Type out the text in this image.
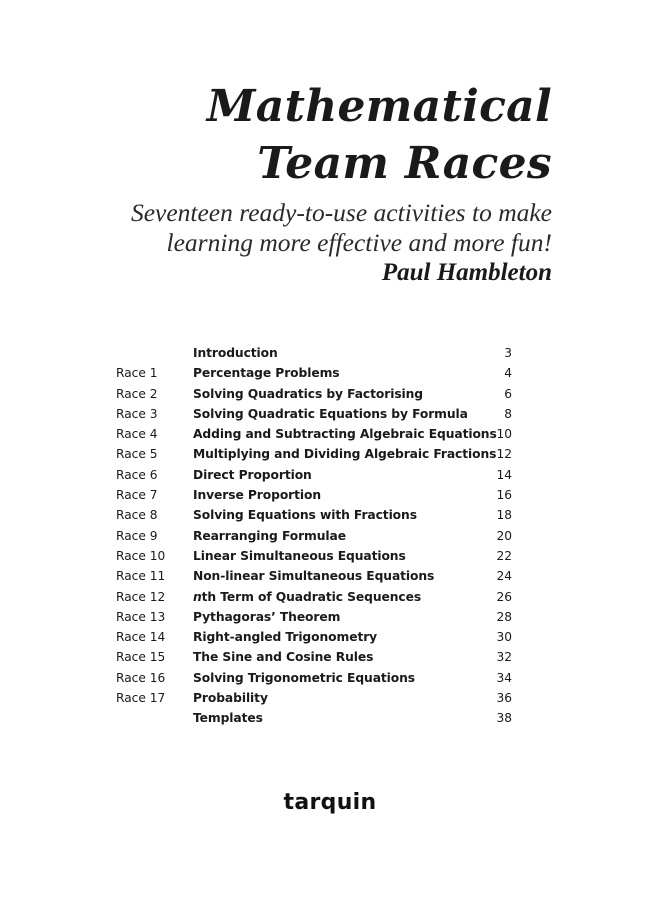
Mathematical
Team Races
Seventeen ready-to-use activities to make
learning more effective and more fun!
Paul Hambleton
Introduction	3
Race 1	Percentage Problems	4
Race 2	Solving Quadratics by Factorising	6
Race 3	Solving Quadratic Equations by Formula	8
Race 4	Adding and Subtracting Algebraic Equations 10
Race 5	Multiplying and Dividing Algebraic Fractions 12
Race 6	Direct Proportion	14
Race 7	Inverse Proportion	16
Race 8	Solving Equations with Fractions	18
Race 9	Rearranging Formulae	20
Race 10	Linear Simultaneous Equations	22
Race 11	Non-linear Simultaneous Equations	24
Race 12	nth Term of Quadratic Sequences	26
Race 13	Pythagoras’ Theorem	28
Race 14	Right-angled Trigonometry	30
Race 15	The Sine and Cosine Rules	32
Race 16	Solving Trigonometric Equations	34
Race 17	Probability	36
Templates	38
tarquin
